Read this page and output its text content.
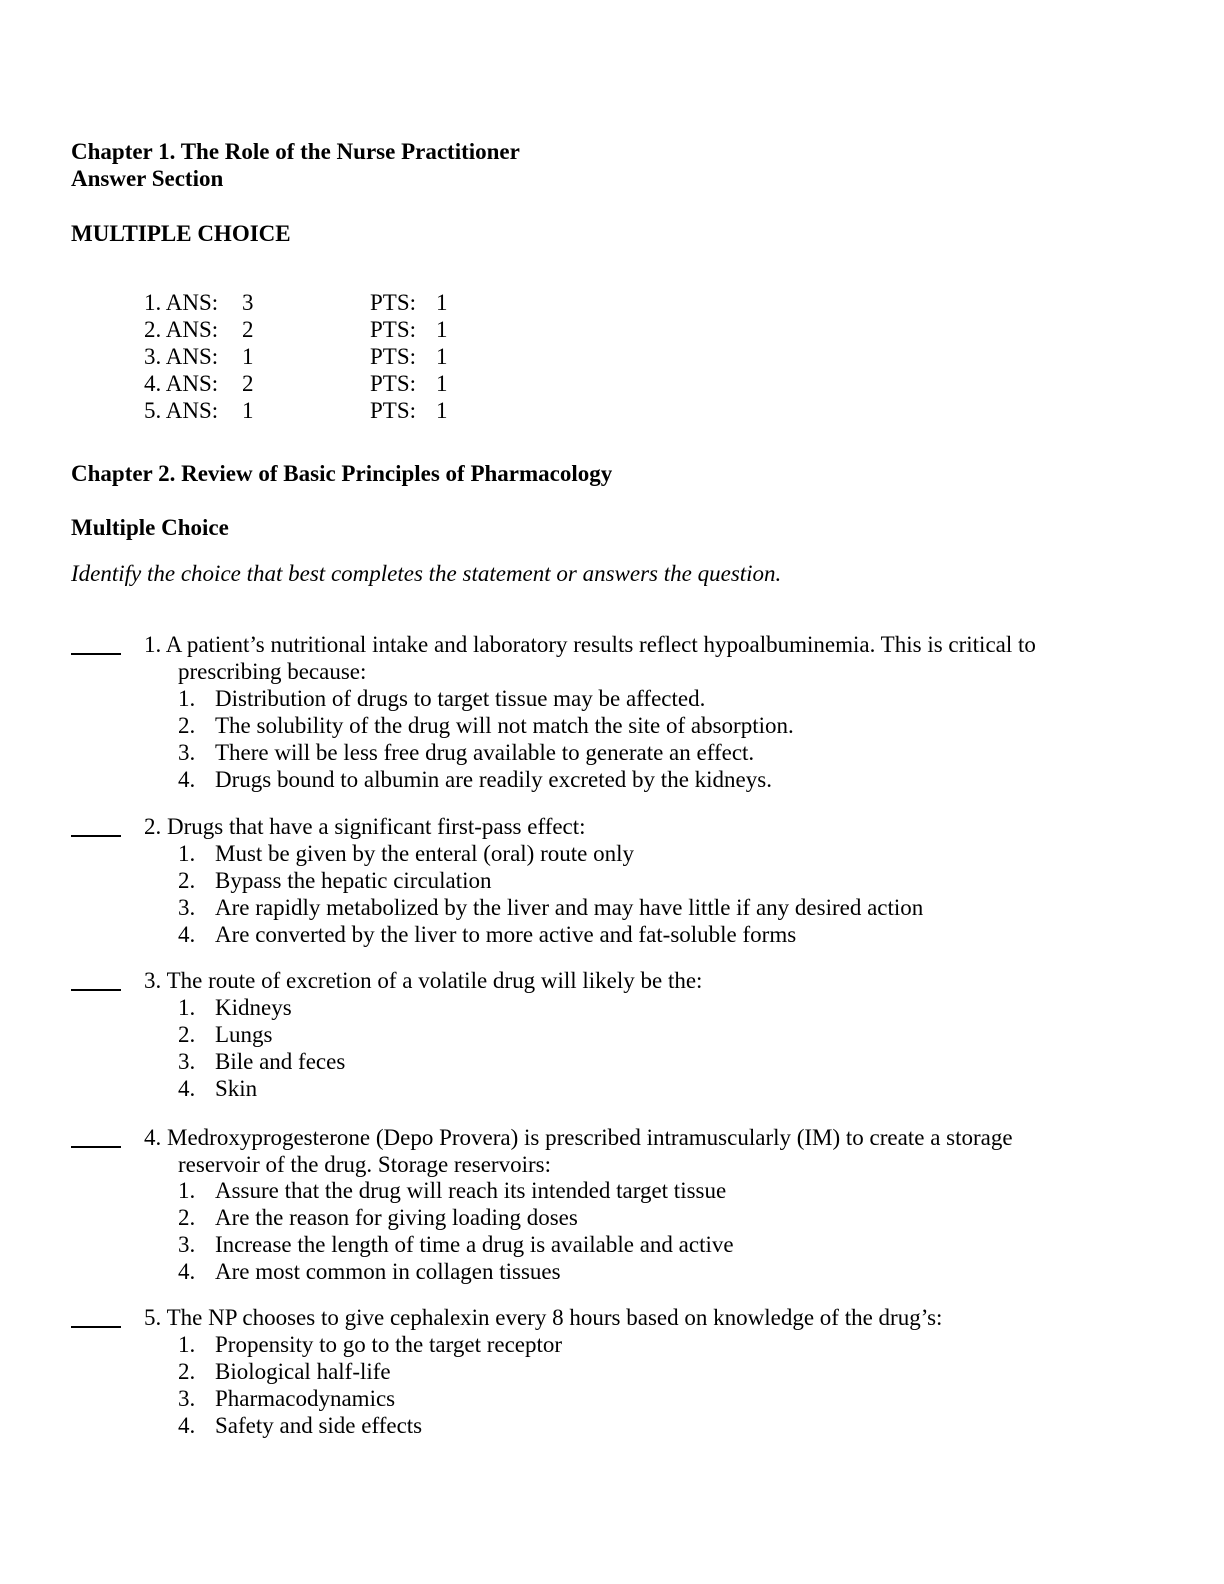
Chapter 1. The Role of the Nurse Practitioner
Answer Section
MULTIPLE CHOICE
1. ANS: 3	PTS: 1
2. ANS: 2	PTS: 1
3. ANS: 1	PTS: 1
4. ANS: 2	PTS: 1
5. ANS: 1	PTS: 1
Chapter 2. Review of Basic Principles of Pharmacology
Multiple Choice
Identify the choice that best completes the statement or answers the question.
1. A patient’s nutritional intake and laboratory results reflect hypoalbuminemia. This is critical to
prescribing because:
1. Distribution of drugs to target tissue may be affected.
2. The solubility of the drug will not match the site of absorption.
3. There will be less free drug available to generate an effect.
4. Drugs bound to albumin are readily excreted by the kidneys.
2. Drugs that have a significant first-pass effect:
1. Must be given by the enteral (oral) route only
2. Bypass the hepatic circulation
3. Are rapidly metabolized by the liver and may have little if any desired action
4. Are converted by the liver to more active and fat-soluble forms
3. The route of excretion of a volatile drug will likely be the:
1. Kidneys
2. Lungs
3. Bile and feces
4. Skin
4. Medroxyprogesterone (Depo Provera) is prescribed intramuscularly (IM) to create a storage
reservoir of the drug. Storage reservoirs:
1. Assure that the drug will reach its intended target tissue
2. Are the reason for giving loading doses
3. Increase the length of time a drug is available and active
4. Are most common in collagen tissues
5. The NP chooses to give cephalexin every 8 hours based on knowledge of the drug’s:
1. Propensity to go to the target receptor
2. Biological half-life
3. Pharmacodynamics
4. Safety and side effects
